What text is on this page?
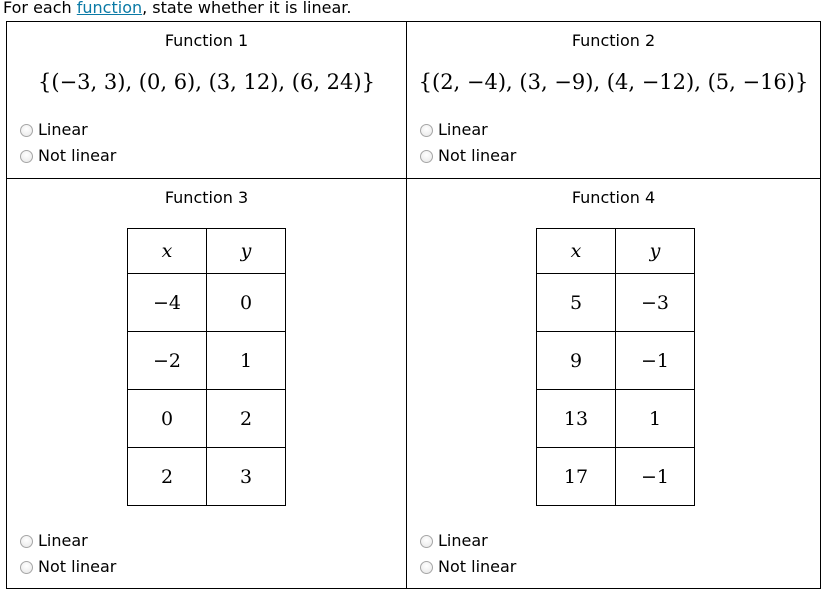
For each function, state whether it is linear.
Function 1
{(−3, 3), (0, 6), (3, 12), (6, 24)}
Linear
Not linear
Function 2
{(2, −4), (3, −9), (4, −12), (5, −16)}
Linear
Not linear
Function 3
x	y
−4	0
−2	1
0	2
2	3
Linear
Not linear
Function 4
x	y
5	−3
9	−1
13	1
17	−1
Linear
Not linear
